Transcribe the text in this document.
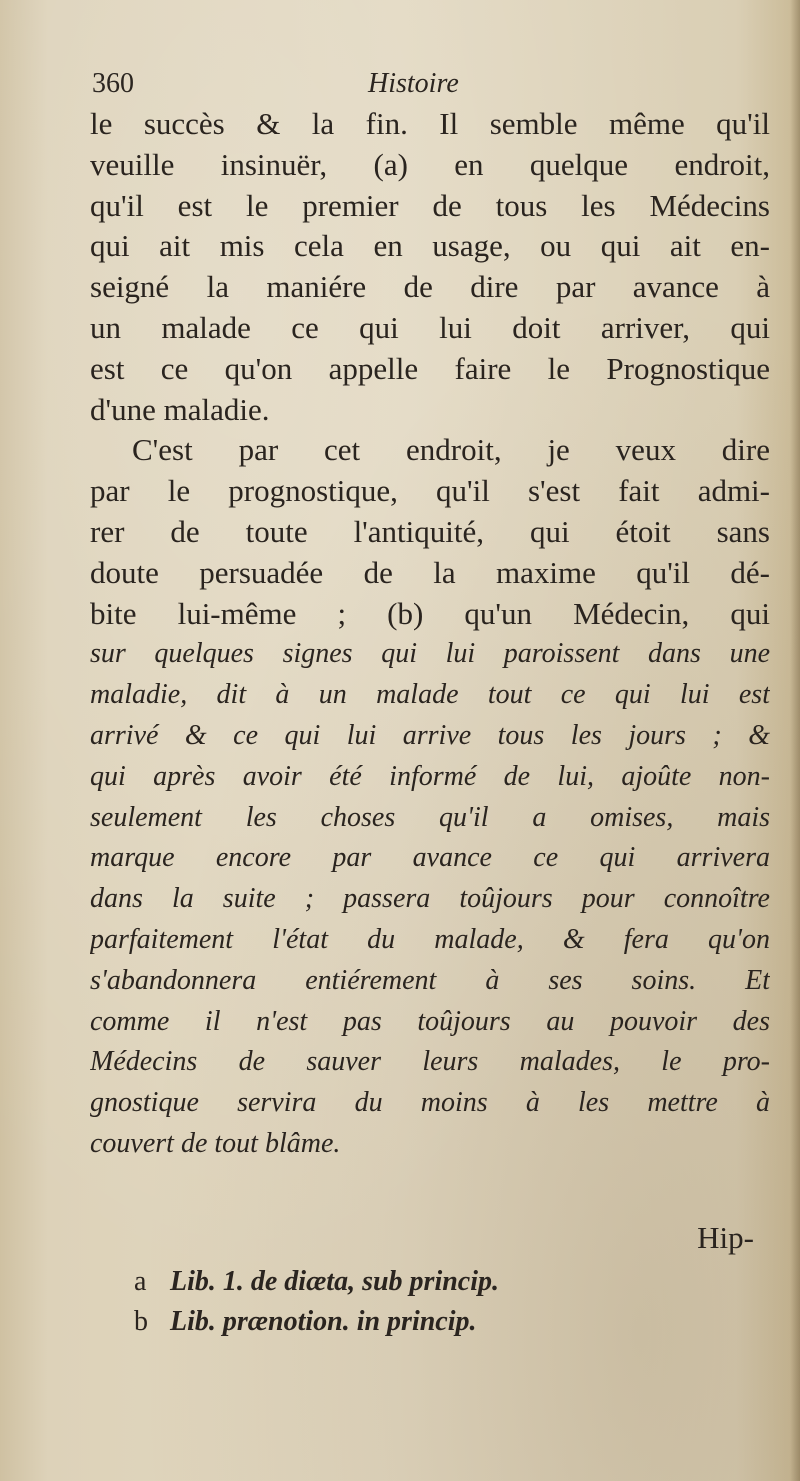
360	Histoire
le succès & la fin. Il semble même qu'il
veuille insinuër, (a) en quelque endroit,
qu'il est le premier de tous les Médecins
qui ait mis cela en usage, ou qui ait en-
seigné la maniére de dire par avance à
un malade ce qui lui doit arriver, qui
est ce qu'on appelle faire le Prognostique
d'une maladie.
C'est par cet endroit, je veux dire
par le prognostique, qu'il s'est fait admi-
rer de toute l'antiquité, qui étoit sans
doute persuadée de la maxime qu'il dé-
bite lui-même ; (b) qu'un Médecin, qui
sur quelques signes qui lui paroissent dans une
maladie, dit à un malade tout ce qui lui est
arrivé & ce qui lui arrive tous les jours ; &
qui après avoir été informé de lui, ajoûte non-
seulement les choses qu'il a omises, mais
marque encore par avance ce qui arrivera
dans la suite ; passera toûjours pour connoître
parfaitement l'état du malade, & fera qu'on
s'abandonnera entiérement à ses soins. Et
comme il n'est pas toûjours au pouvoir des
Médecins de sauver leurs malades, le pro-
gnostique servira du moins à les mettre à
couvert de tout blâme.
Hip-
a Lib. 1. de diæta, sub princip.
b Lib. prænotion. in princip.
